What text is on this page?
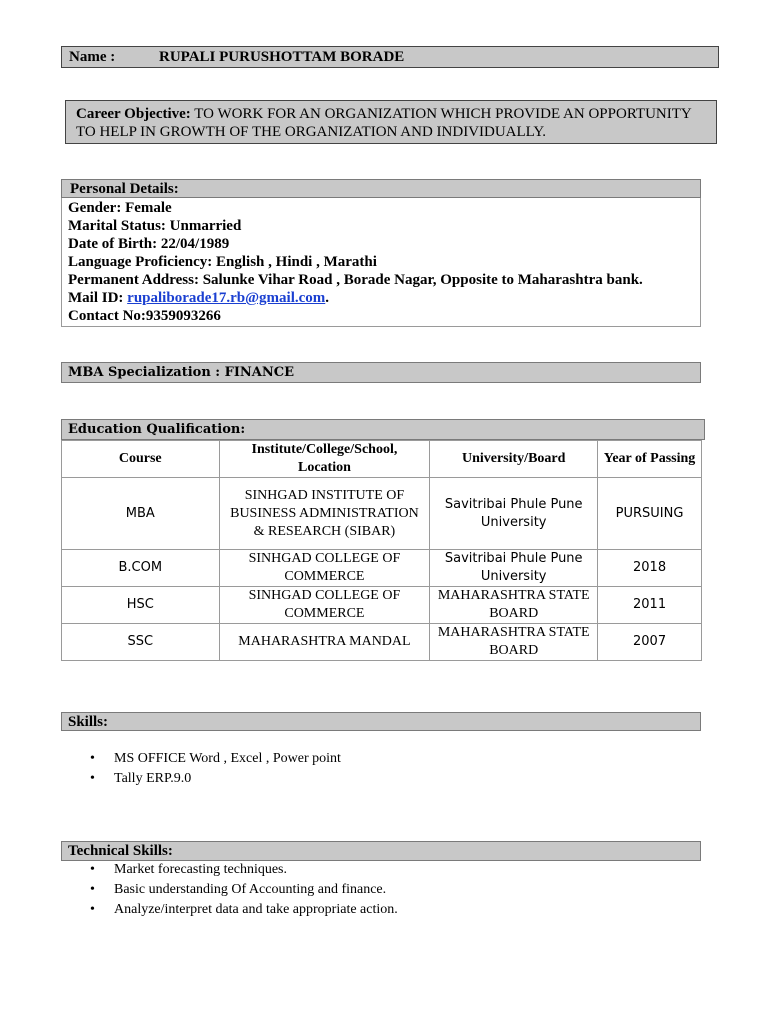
Name :	RUPALI PURUSHOTTAM BORADE
Career Objective: TO WORK FOR AN ORGANIZATION WHICH PROVIDE AN OPPORTUNITY TO HELP IN GROWTH OF THE ORGANIZATION AND INDIVIDUALLY.
Personal Details:
Gender: Female
Marital Status: Unmarried
Date of Birth: 22/04/1989
Language Proficiency: English , Hindi , Marathi
Permanent Address: Salunke Vihar Road , Borade Nagar, Opposite to Maharashtra bank.
Mail ID: rupaliborade17.rb@gmail.com.
Contact No:9359093266
MBA Specialization : FINANCE
Education Qualification:
Course	Institute/College/School, Location	University/Board	Year of Passing
MBA	SINHGAD INSTITUTE OF BUSINESS ADMINISTRATION & RESEARCH (SIBAR)	Savitribai Phule Pune University	PURSUING
B.COM	SINHGAD COLLEGE OF COMMERCE	Savitribai Phule Pune University	2018
HSC	SINHGAD COLLEGE OF COMMERCE	MAHARASHTRA STATE BOARD	2011
SSC	MAHARASHTRA MANDAL	MAHARASHTRA STATE BOARD	2007
Skills:
• MS OFFICE Word , Excel , Power point
• Tally ERP.9.0
Technical Skills:
• Market forecasting techniques.
• Basic understanding Of Accounting and finance.
• Analyze/interpret data and take appropriate action.
